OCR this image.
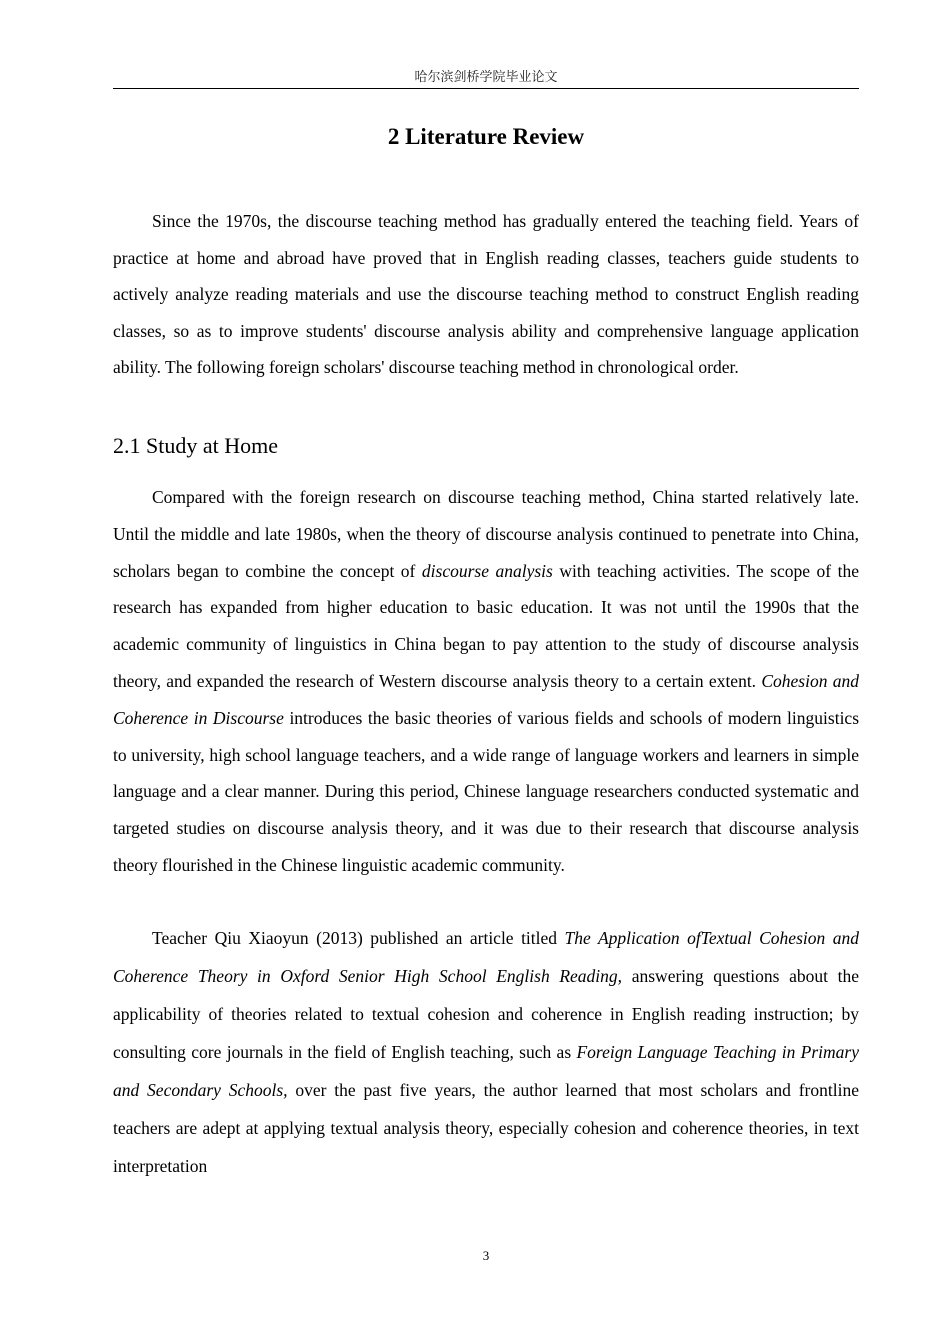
哈尔滨剑桥学院毕业论文
2 Literature Review

Since the 1970s, the discourse teaching method has gradually entered the teaching field. Years of practice at home and abroad have proved that in English reading classes, teachers guide students to actively analyze reading materials and use the discourse teaching method to construct English reading classes, so as to improve students' discourse analysis ability and comprehensive language application ability. The following foreign scholars' discourse teaching method in chronological order.

2.1 Study at Home

Compared with the foreign research on discourse teaching method, China started relatively late. Until the middle and late 1980s, when the theory of discourse analysis continued to penetrate into China, scholars began to combine the concept of discourse analysis with teaching activities. The scope of the research has expanded from higher education to basic education. It was not until the 1990s that the academic community of linguistics in China began to pay attention to the study of discourse analysis theory, and expanded the research of Western discourse analysis theory to a certain extent. Cohesion and Coherence in Discourse introduces the basic theories of various fields and schools of modern linguistics to university, high school language teachers, and a wide range of language workers and learners in simple language and a clear manner. During this period, Chinese language researchers conducted systematic and targeted studies on discourse analysis theory, and it was due to their research that discourse analysis theory flourished in the Chinese linguistic academic community.

Teacher Qiu Xiaoyun (2013) published an article titled The Application ofTextual Cohesion and Coherence Theory in Oxford Senior High School English Reading, answering questions about the applicability of theories related to textual cohesion and coherence in English reading instruction; by consulting core journals in the field of English teaching, such as Foreign Language Teaching in Primary and Secondary Schools, over the past five years, the author learned that most scholars and frontline teachers are adept at applying textual analysis theory, especially cohesion and coherence theories, in text interpretation

3
